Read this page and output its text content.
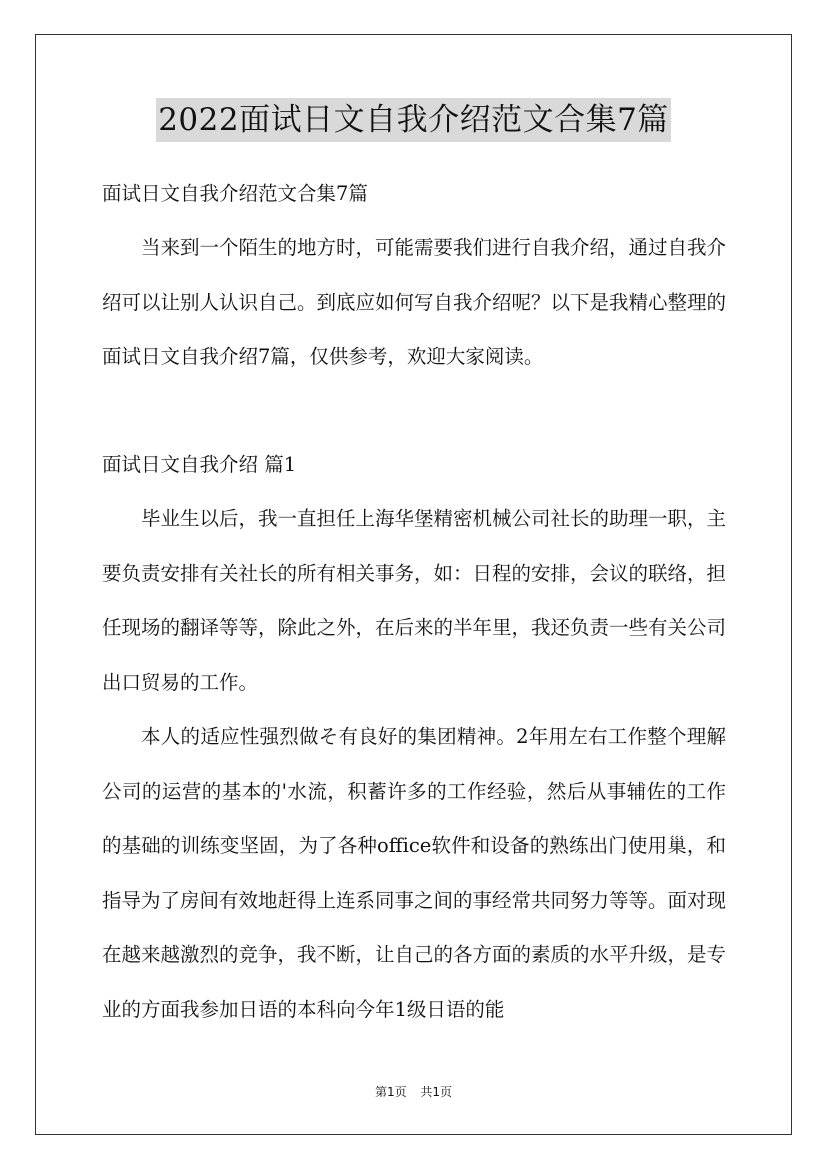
2022面试日文自我介绍范文合集7篇
面试日文自我介绍范文合集7篇
当来到一个陌生的地方时，可能需要我们进行自我介绍，通过自我介绍可以让别人认识自己。到底应如何写自我介绍呢？以下是我精心整理的面试日文自我介绍7篇，仅供参考，欢迎大家阅读。
面试日文自我介绍 篇1

毕业生以后，我一直担任上海华堡精密机械公司社长的助理一职，主要负责安排有关社长的所有相关事务，如：日程的安排，会议的联络，担任现场的翻译等等，除此之外，在后来的半年里，我还负责一些有关公司出口贸易的工作。

本人的适应性强烈做そ有良好的集团精神。2年用左右工作整个理解公司的运营的基本的'水流，积蓄许多的工作经验，然后从事辅佐的工作的基础的训练变坚固，为了各种office软件和设备的熟练出门使用巢，和指导为了房间有效地赶得上连系同事之间的事经常共同努力等等。面对现在越来越激烈的竞争，我不断，让自己的各方面的素质的水平升级，是专业的方面我参加日语的本科向今年1级日语的能

第1页 共1页
